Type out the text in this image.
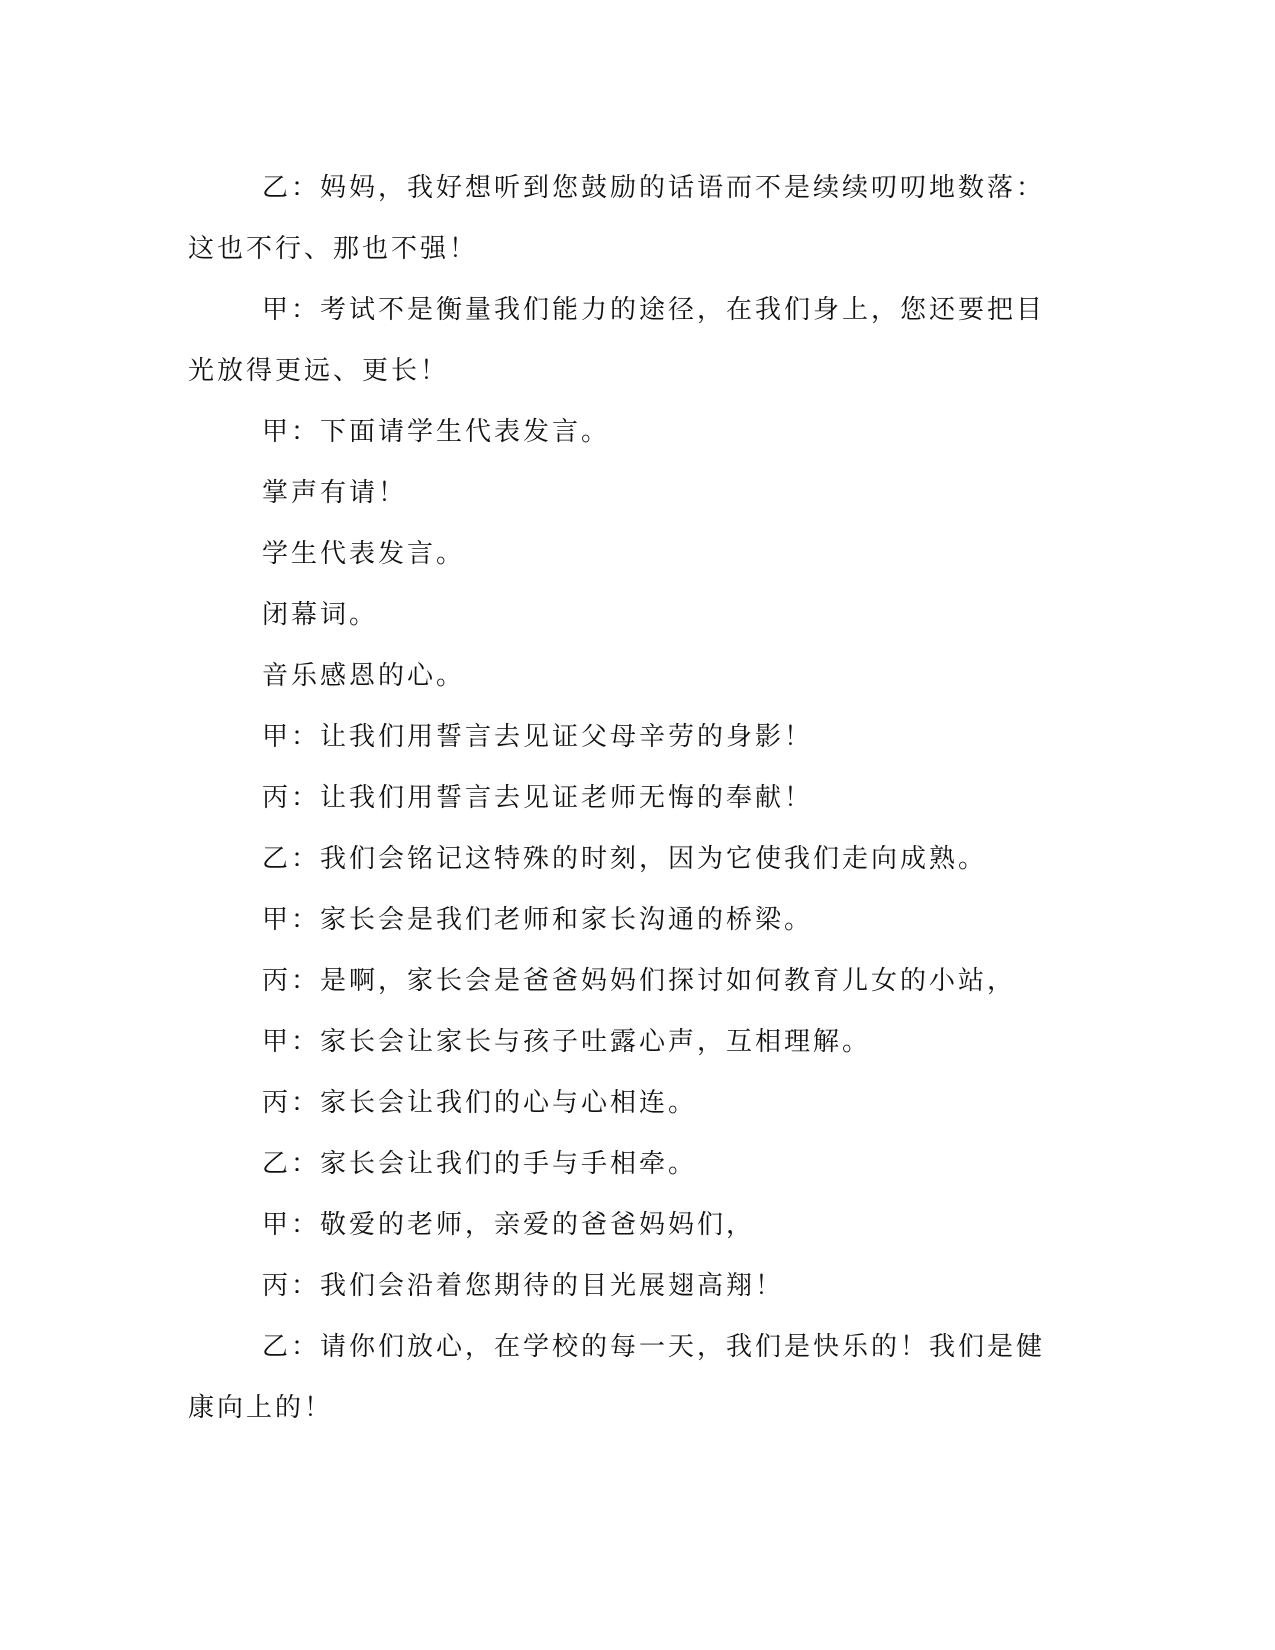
乙：妈妈，我好想听到您鼓励的话语而不是续续叨叨地数落：这也不行、那也不强！

甲：考试不是衡量我们能力的途径，在我们身上，您还要把目光放得更远、更长！

甲：下面请学生代表发言。

掌声有请！

学生代表发言。

闭幕词。

音乐感恩的心。

甲：让我们用誓言去见证父母辛劳的身影！

丙：让我们用誓言去见证老师无悔的奉献！

乙：我们会铭记这特殊的时刻，因为它使我们走向成熟。

甲：家长会是我们老师和家长沟通的桥梁。

丙：是啊，家长会是爸爸妈妈们探讨如何教育儿女的小站，

甲：家长会让家长与孩子吐露心声，互相理解。

丙：家长会让我们的心与心相连。

乙：家长会让我们的手与手相牵。

甲：敬爱的老师，亲爱的爸爸妈妈们，

丙：我们会沿着您期待的目光展翅高翔！

乙：请你们放心，在学校的每一天，我们是快乐的！我们是健康向上的！
